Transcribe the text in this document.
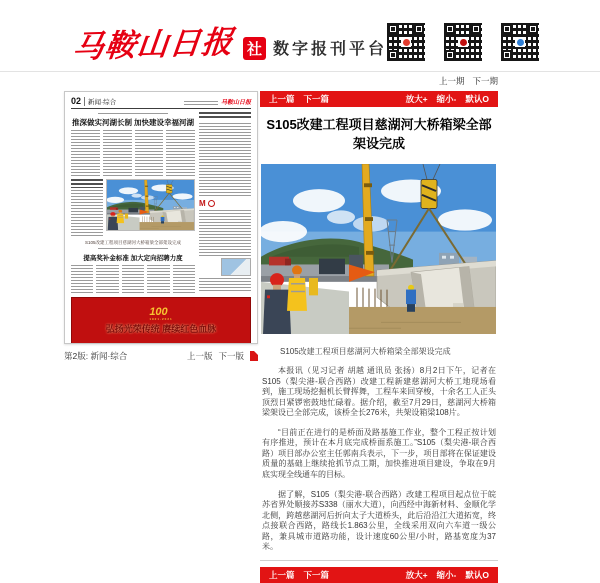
马鞍山日报 社 数字报刊平台
上一期 下一期
02	新闻·综合	马鞍山日报
推深做实河湖长制 加快建设幸福河湖
S105改建工程项目慈湖河大桥箱梁全部架设完成
提高奖补金标准 加大定向招聘力度
M
100
1921-2021
弘扬光荣传统 赓续红色血脉
第2版: 新闻·综合	上一版 下一版
上一篇 下一篇	放大+ 缩小- 默认O
S105改建工程项目慈湖河大桥箱梁全部架设完成
S105改建工程项目慈湖河大桥箱梁全部架设完成

本报讯（见习记者 胡越 通讯员 张扬）8月2日下午，记者在S105（梨尖港-联合西路）改建工程新建慈湖河大桥工地现场看到，施工现场挖掘机长臂挥舞，工程车来回穿梭，十余名工人正头顶烈日紧锣密鼓地忙碌着。据介绍，截至7月29日，慈湖河大桥箱梁架设已全部完成，该桥全长276米，共架设箱梁108片。

“目前正在进行的是桥面及路基施工作业，整个工程正按计划有序推进，预计在本月底完成桥面系施工。”S105（梨尖港-联合西路）项目部办公室主任郭南兵表示，下一步，项目部将在保证建设质量的基础上继续抢抓节点工期，加快推进项目建设，争取在9月底实现全线通车的目标。

据了解，S105（梨尖港-联合西路）改建工程项目起点位于皖苏省界处顺接苏S338（丽水大道），向西经中海新材料、金顺化学北侧，跨越慈湖河后折向太子大道桥头，此后沿沿江大道拓宽，终点接联合西路，路线长1.863公里，全线采用双向六车道一级公路，兼具城市道路功能，设计速度60公里/小时，路基宽度为37米。

上一篇 下一篇	放大+ 缩小- 默认O
